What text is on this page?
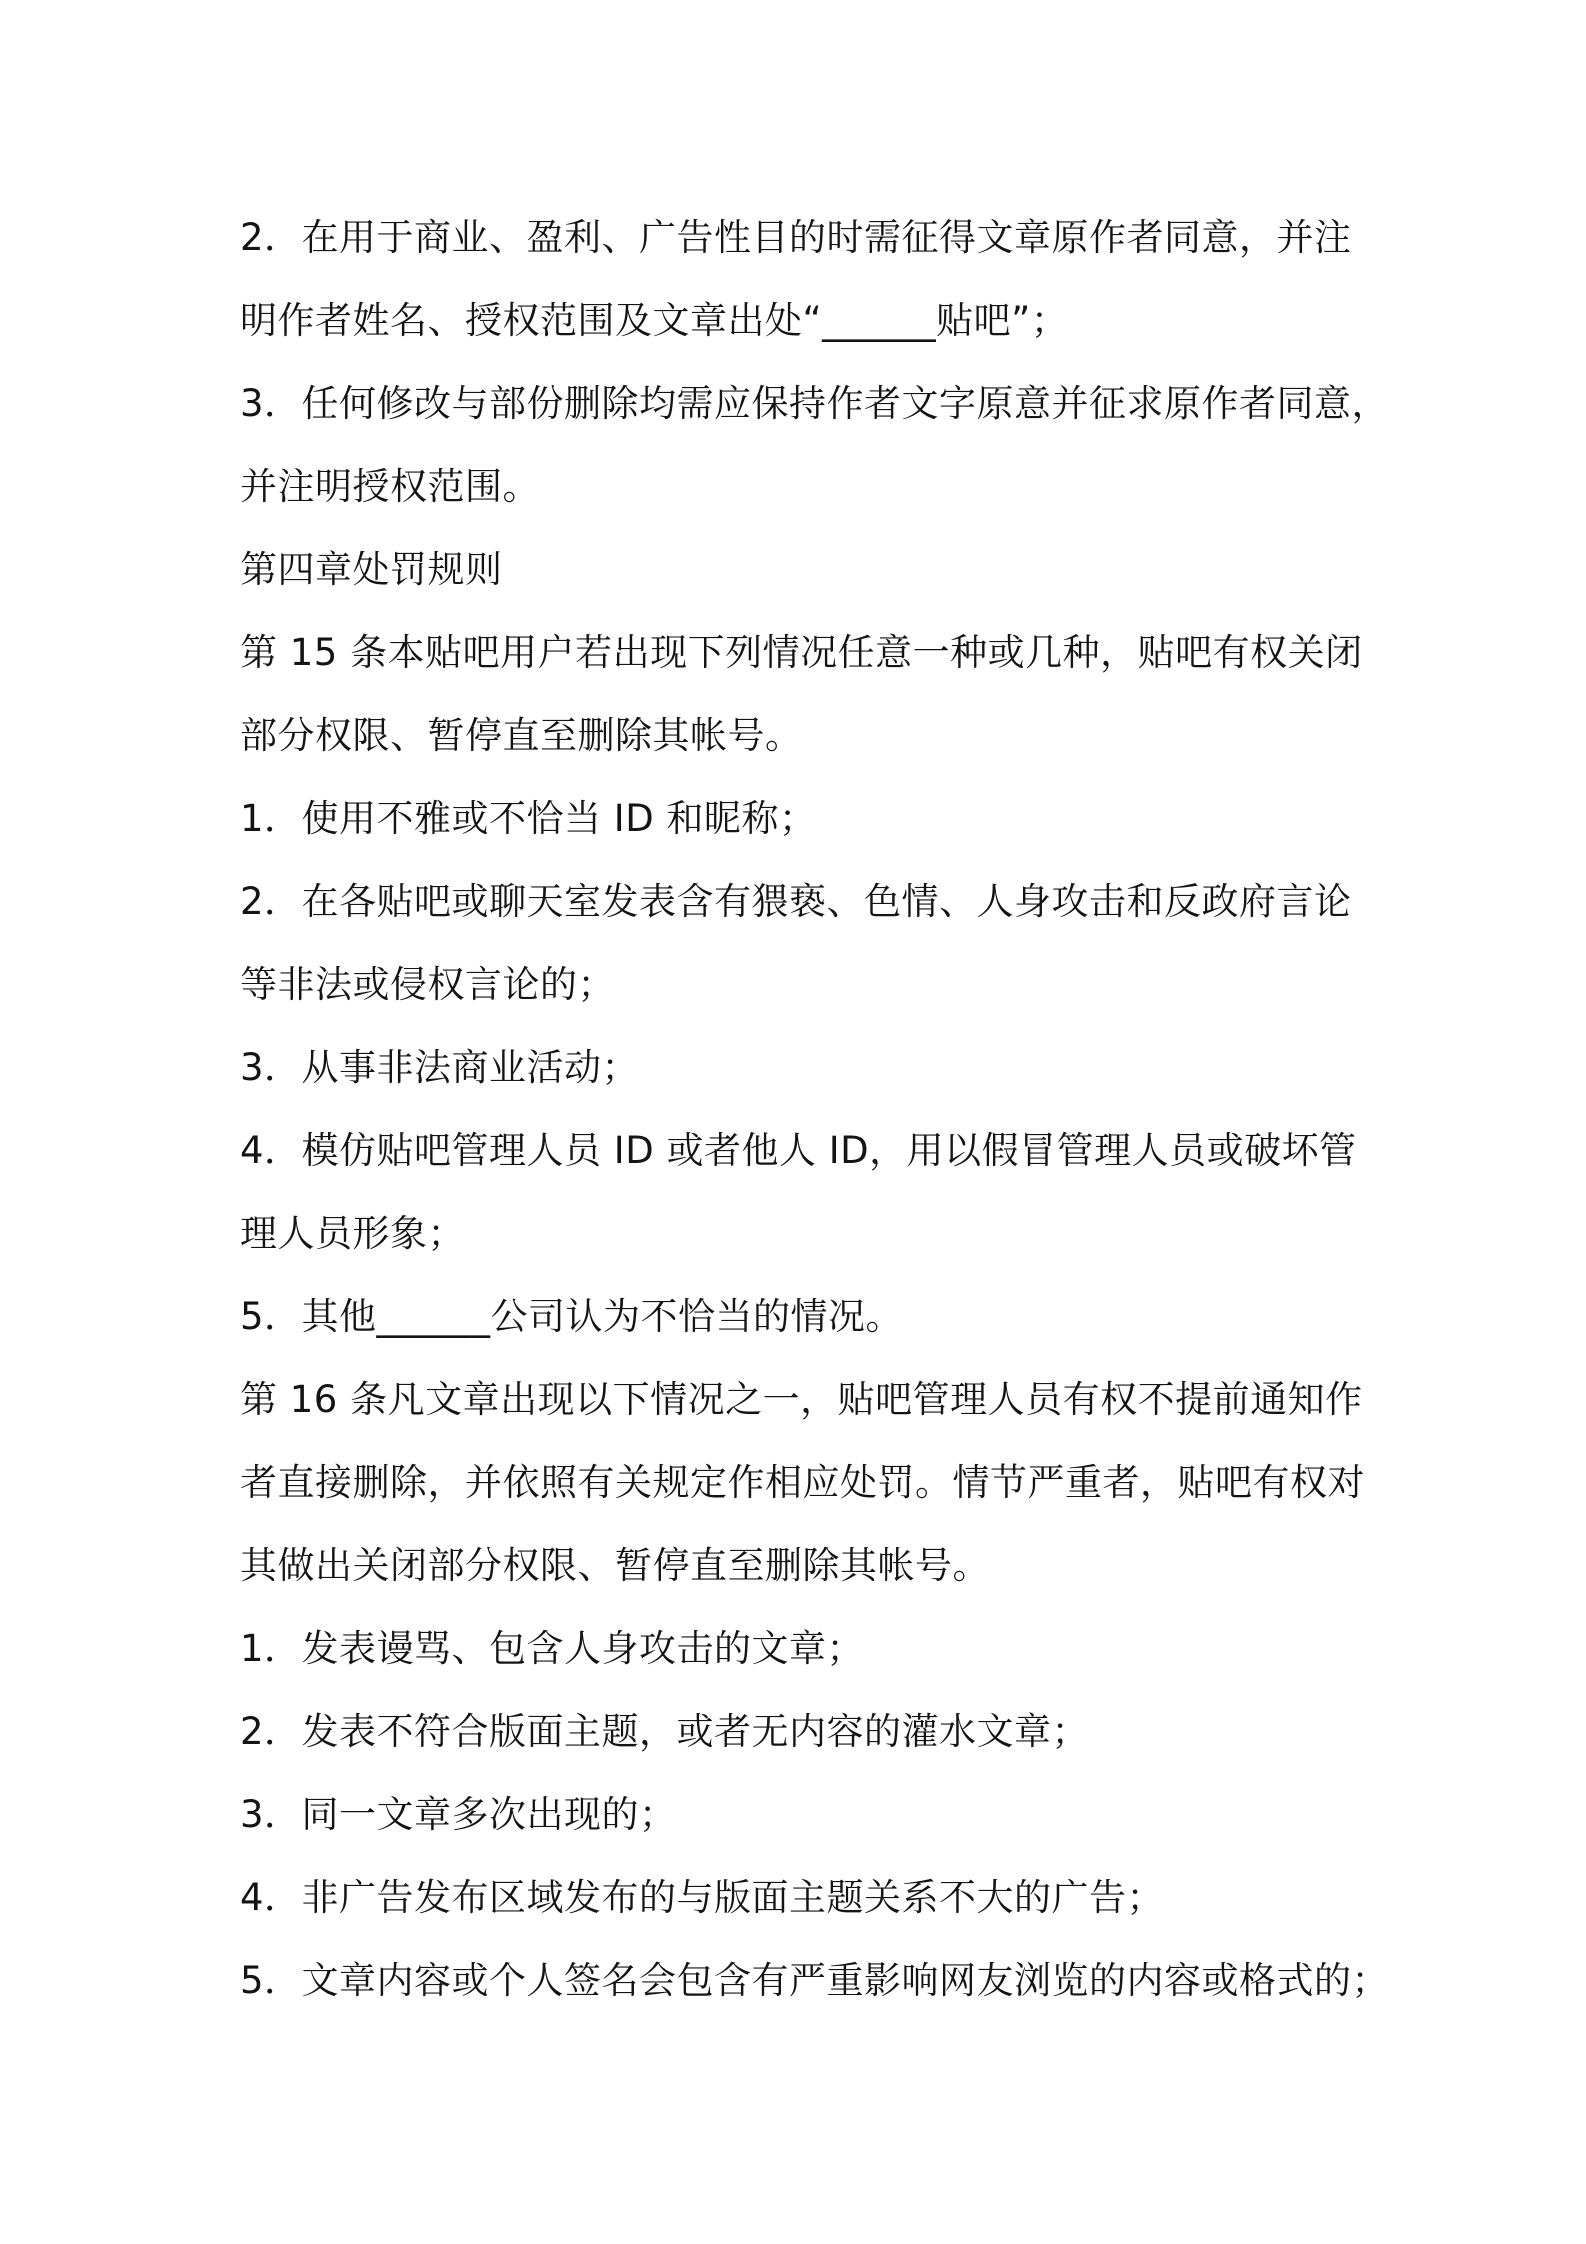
2．在用于商业、盈利、广告性目的时需征得文章原作者同意，并注
明作者姓名、授权范围及文章出处“______贴吧”；

3．任何修改与部份删除均需应保持作者文字原意并征求原作者同意，
并注明授权范围。

第四章处罚规则

第 15 条本贴吧用户若出现下列情况任意一种或几种，贴吧有权关闭
部分权限、暂停直至删除其帐号。

1．使用不雅或不恰当 ID 和昵称；

2．在各贴吧或聊天室发表含有猥亵、色情、人身攻击和反政府言论
等非法或侵权言论的；

3．从事非法商业活动；

4．模仿贴吧管理人员 ID 或者他人 ID，用以假冒管理人员或破坏管
理人员形象；

5．其他______公司认为不恰当的情况。

第 16 条凡文章出现以下情况之一，贴吧管理人员有权不提前通知作
者直接删除，并依照有关规定作相应处罚。情节严重者，贴吧有权对
其做出关闭部分权限、暂停直至删除其帐号。

1．发表谩骂、包含人身攻击的文章；

2．发表不符合版面主题，或者无内容的灌水文章；

3．同一文章多次出现的；

4．非广告发布区域发布的与版面主题关系不大的广告；

5．文章内容或个人签名会包含有严重影响网友浏览的内容或格式的；
